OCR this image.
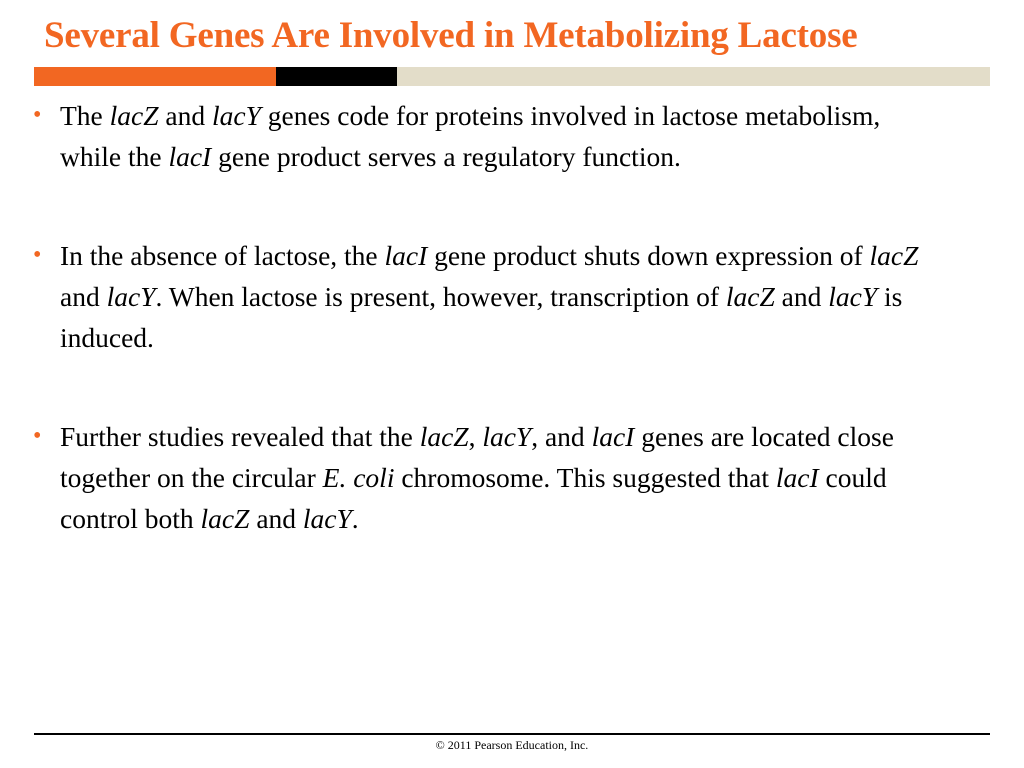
Several Genes Are Involved in Metabolizing Lactose
• The lacZ and lacY genes code for proteins involved in lactose metabolism, while the lacI gene product serves a regulatory function.
• In the absence of lactose, the lacI gene product shuts down expression of lacZ and lacY. When lactose is present, however, transcription of lacZ and lacY is induced.
• Further studies revealed that the lacZ, lacY, and lacI genes are located close together on the circular E. coli chromosome. This suggested that lacI could control both lacZ and lacY.
© 2011 Pearson Education, Inc.
